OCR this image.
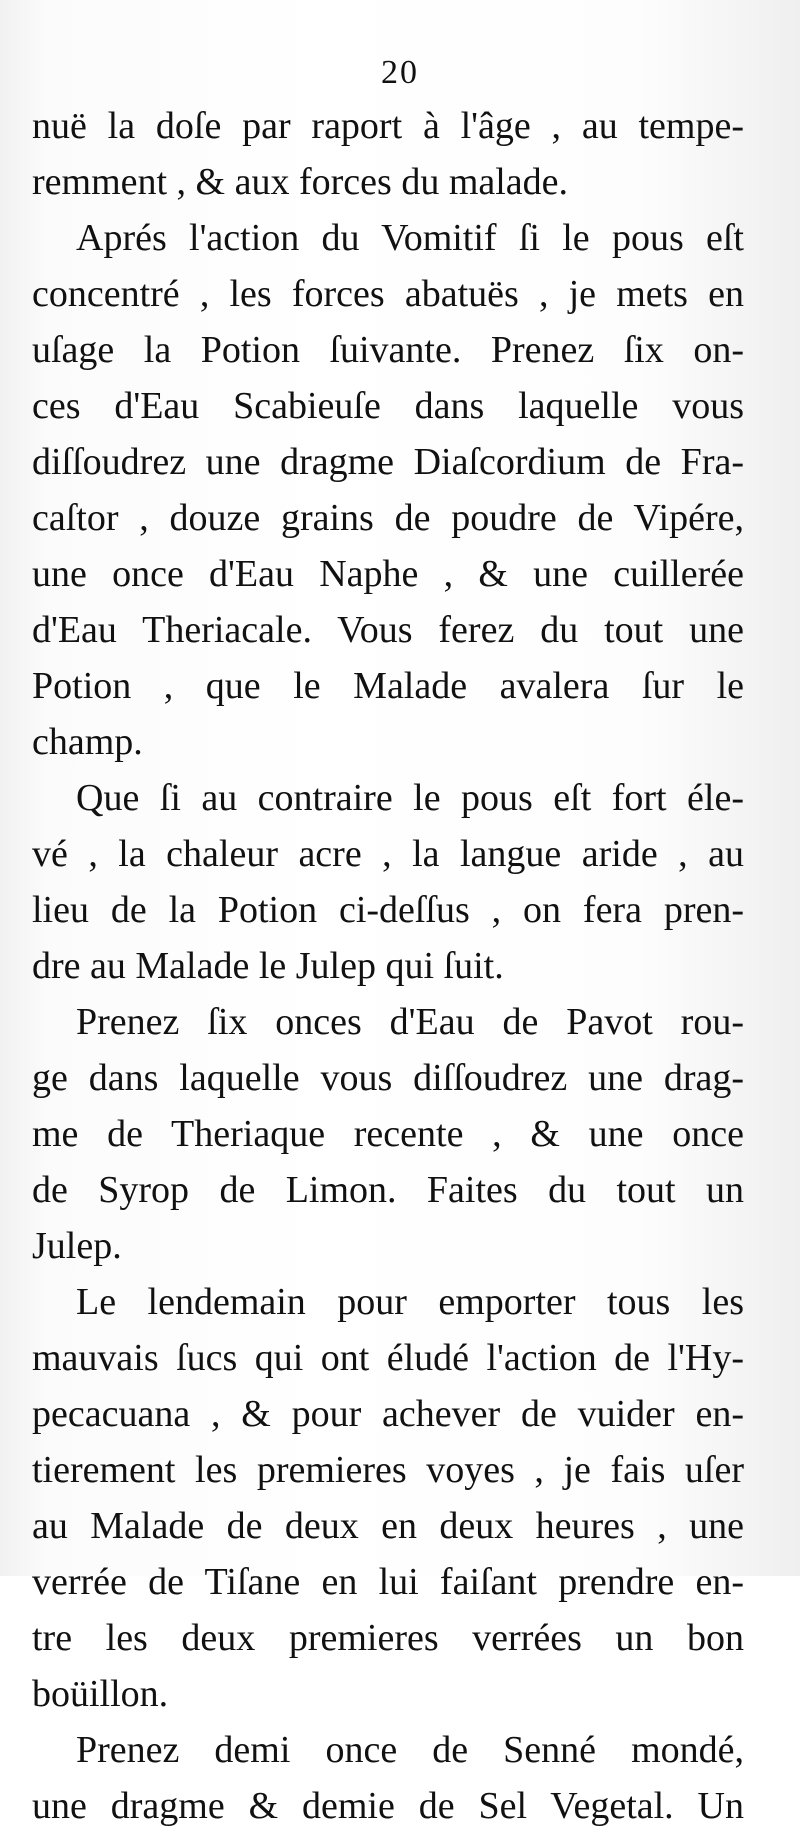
20
nuë la doſe par raport à l'âge , au tempe-
remment , & aux forces du malade.
Aprés l'action du Vomitif ſi le pous eſt
concentré , les forces abatuës , je mets en
uſage la Potion ſuivante. Prenez ſix on-
ces d'Eau Scabieuſe dans laquelle vous
diſſoudrez une dragme Diaſcordium de Fra-
caſtor , douze grains de poudre de Vipére,
une once d'Eau Naphe , & une cuillerée
d'Eau Theriacale. Vous ferez du tout une
Potion , que le Malade avalera ſur le
champ.
Que ſi au contraire le pous eſt fort éle-
vé , la chaleur acre , la langue aride , au
lieu de la Potion ci-deſſus , on fera pren-
dre au Malade le Julep qui ſuit.
Prenez ſix onces d'Eau de Pavot rou-
ge dans laquelle vous diſſoudrez une drag-
me de Theriaque recente , & une once
de Syrop de Limon. Faites du tout un
Julep.
Le lendemain pour emporter tous les
mauvais ſucs qui ont éludé l'action de l'Hy-
pecacuana , & pour achever de vuider en-
tierement les premieres voyes , je fais uſer
au Malade de deux en deux heures , une
verrée de Tiſane en lui faiſant prendre en-
tre les deux premieres verrées un bon
boüillon.
Prenez demi once de Senné mondé,
une dragme & demie de Sel Vegetal. Un
